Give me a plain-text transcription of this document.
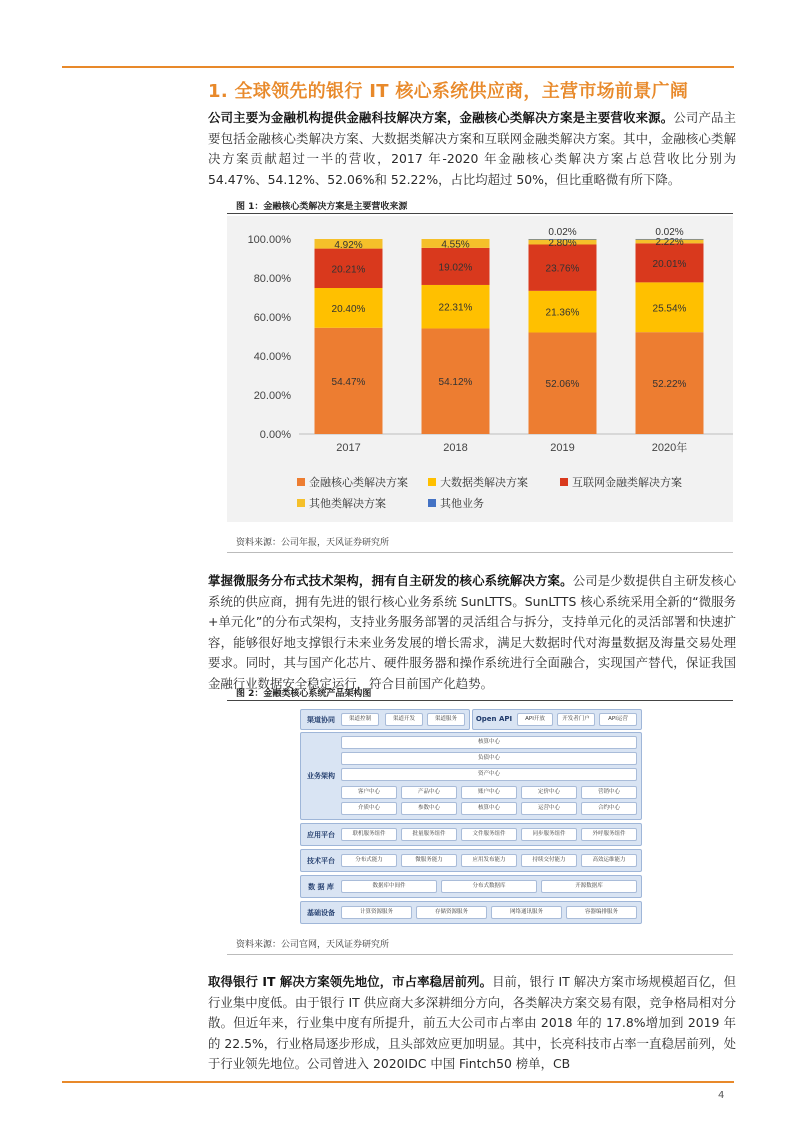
1. 全球领先的银行 IT 核心系统供应商，主营市场前景广阔
公司主要为金融机构提供金融科技解决方案，金融核心类解决方案是主要营收来源。公司产品主要包括金融核心类解决方案、大数据类解决方案和互联网金融类解决方案。其中，金融核心类解决方案贡献超过一半的营收，2017 年-2020 年金融核心类解决方案占总营收比分别为 54.47%、54.12%、52.06%和 52.22%，占比均超过 50%，但比重略微有所下降。
图 1：金融核心类解决方案是主要营收来源
0.00%
20.00%
40.00%
60.00%
80.00%
100.00%
2017	2018	2019	2020年
54.47%
20.40%
20.21%
4.92%
54.12%
22.31%
19.02%
4.55%
52.06%
21.36%
23.76%
2.80%
0.02%
52.22%
25.54%
20.01%
2.22%
0.02%
金融核心类解决方案	大数据类解决方案	互联网金融类解决方案
其他类解决方案	其他业务
资料来源：公司年报，天风证券研究所
掌握微服务分布式技术架构，拥有自主研发的核心系统解决方案。公司是少数提供自主研发核心系统的供应商，拥有先进的银行核心业务系统 SunLTTS。SunLTTS 核心系统采用全新的“微服务+单元化”的分布式架构，支持业务服务部署的灵活组合与拆分，支持单元化的灵活部署和快速扩容，能够很好地支撑银行未来业务发展的增长需求，满足大数据时代对海量数据及海量交易处理要求。同时，其与国产化芯片、硬件服务器和操作系统进行全面融合，实现国产替代，保证我国金融行业数据安全稳定运行，符合目前国产化趋势。
图 2：金融类核心系统产品架构图
渠道协同	渠道控制	渠道开发	渠道服务	Open API	API开放	开发者门户	API运营
业务架构
核算中心
负债中心
资产中心
客户中心	产品中心	账户中心	定价中心	营销中心
介质中心	参数中心	核算中心	运营中心	合约中心
应用平台	联机服务组件	批量服务组件	文件服务组件	同步服务组件	外呼服务组件
技术平台	分布式能力	微服务能力	应用发布能力	持续交付能力	高效运维能力
数 据 库	数据库中间件	分布式数据库	开源数据库
基础设备	计算资源服务	存储资源服务	网络通讯服务	容器编排服务
资料来源：公司官网，天风证券研究所
取得银行 IT 解决方案领先地位，市占率稳居前列。目前，银行 IT 解决方案市场规模超百亿，但行业集中度低。由于银行 IT 供应商大多深耕细分方向，各类解决方案交易有限，竞争格局相对分散。但近年来，行业集中度有所提升，前五大公司市占率由 2018 年的 17.8%增加到 2019 年的 22.5%，行业格局逐步形成，且头部效应更加明显。其中，长亮科技市占率一直稳居前列，处于行业领先地位。公司曾进入 2020IDC 中国 Fintch50 榜单，CB
4
